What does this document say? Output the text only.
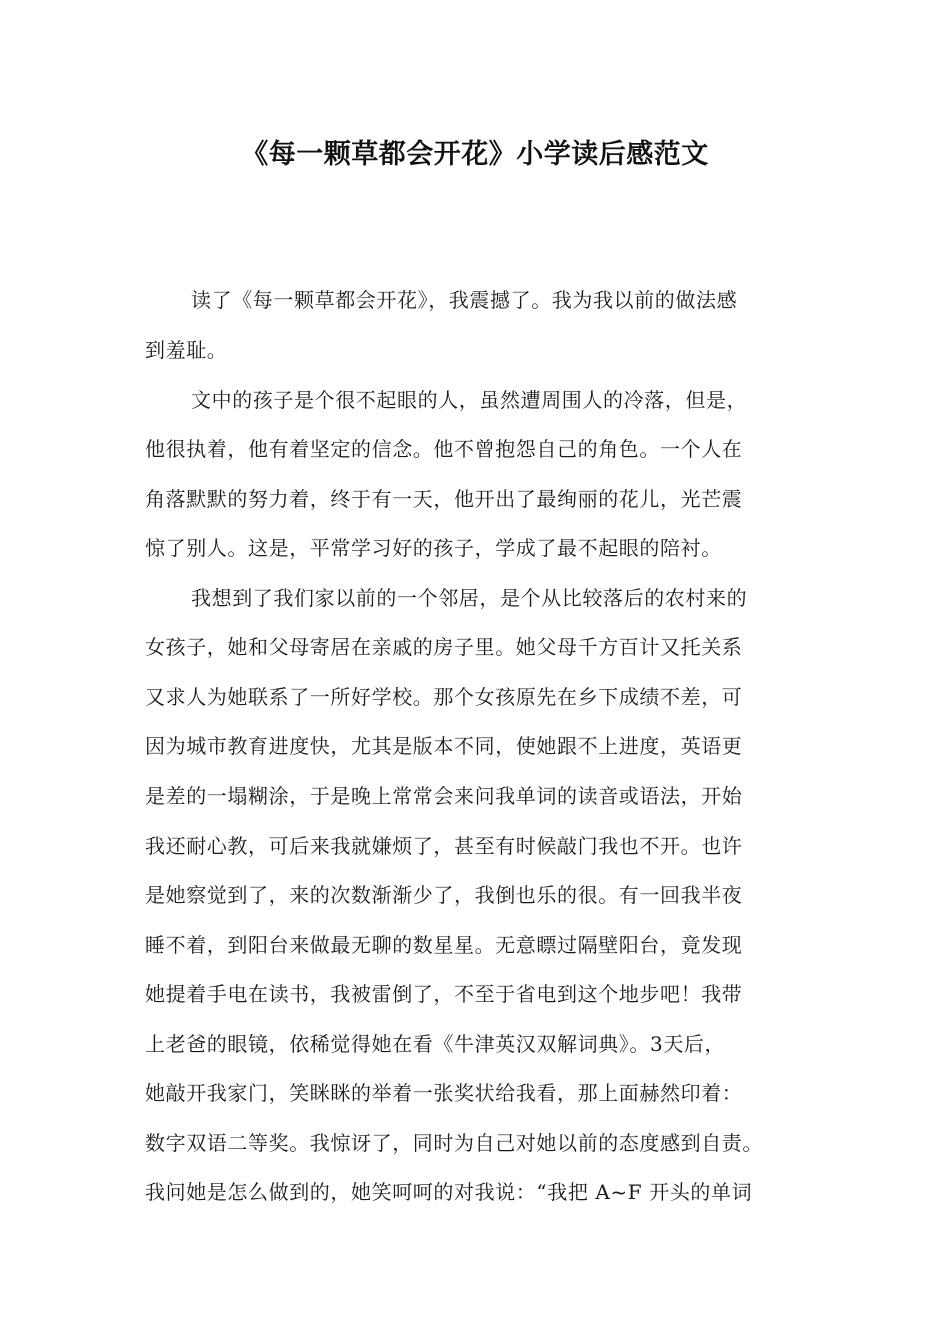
《每一颗草都会开花》小学读后感范文
读了《每一颗草都会开花》，我震撼了。我为我以前的做法感
到羞耻。
文中的孩子是个很不起眼的人，虽然遭周围人的冷落，但是，
他很执着，他有着坚定的信念。他不曾抱怨自己的角色。一个人在
角落默默的努力着，终于有一天，他开出了最绚丽的花儿，光芒震
惊了别人。这是，平常学习好的孩子，学成了最不起眼的陪衬。
我想到了我们家以前的一个邻居，是个从比较落后的农村来的
女孩子，她和父母寄居在亲戚的房子里。她父母千方百计又托关系
又求人为她联系了一所好学校。那个女孩原先在乡下成绩不差，可
因为城市教育进度快，尤其是版本不同，使她跟不上进度，英语更
是差的一塌糊涂，于是晚上常常会来问我单词的读音或语法，开始
我还耐心教，可后来我就嫌烦了，甚至有时候敲门我也不开。也许
是她察觉到了，来的次数渐渐少了，我倒也乐的很。有一回我半夜
睡不着，到阳台来做最无聊的数星星。无意瞟过隔壁阳台，竟发现
她提着手电在读书，我被雷倒了，不至于省电到这个地步吧！我带
上老爸的眼镜，依稀觉得她在看《牛津英汉双解词典》。3天后，
她敲开我家门，笑眯眯的举着一张奖状给我看，那上面赫然印着：
数字双语二等奖。我惊讶了，同时为自己对她以前的态度感到自责。
我问她是怎么做到的，她笑呵呵的对我说：“我把 A~F 开头的单词
